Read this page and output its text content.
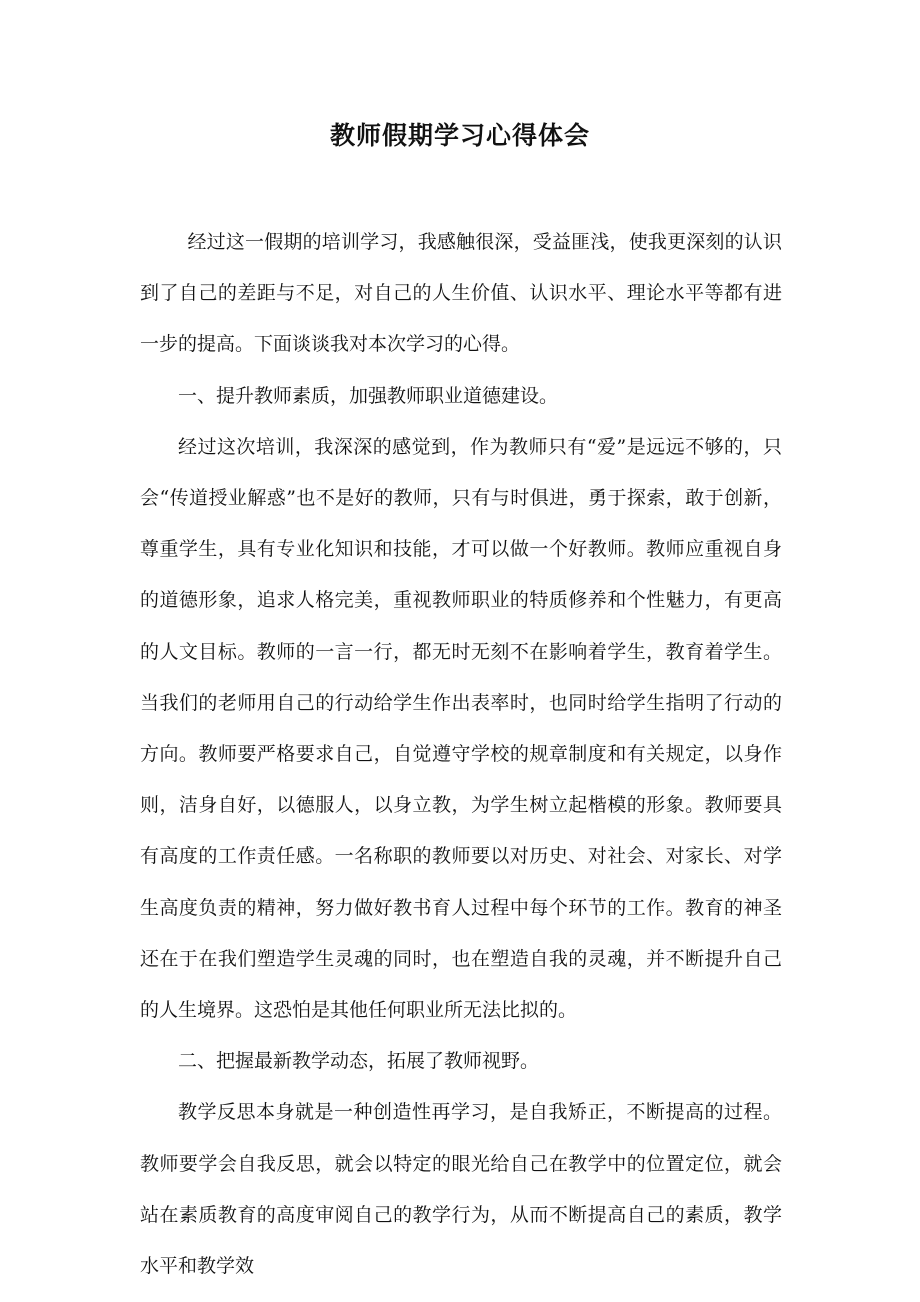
教师假期学习心得体会

经过这一假期的培训学习，我感触很深，受益匪浅，使我更深刻的认识到了自己的差距与不足，对自己的人生价值、认识水平、理论水平等都有进一步的提高。下面谈谈我对本次学习的心得。

一、提升教师素质，加强教师职业道德建设。

经过这次培训，我深深的感觉到，作为教师只有“爱”是远远不够的，只会“传道授业解惑”也不是好的教师，只有与时俱进，勇于探索，敢于创新，尊重学生，具有专业化知识和技能，才可以做一个好教师。教师应重视自身的道德形象，追求人格完美，重视教师职业的特质修养和个性魅力，有更高的人文目标。教师的一言一行，都无时无刻不在影响着学生，教育着学生。当我们的老师用自己的行动给学生作出表率时，也同时给学生指明了行动的方向。教师要严格要求自己，自觉遵守学校的规章制度和有关规定，以身作则，洁身自好，以德服人，以身立教，为学生树立起楷模的形象。教师要具有高度的工作责任感。一名称职的教师要以对历史、对社会、对家长、对学生高度负责的精神，努力做好教书育人过程中每个环节的工作。教育的神圣还在于在我们塑造学生灵魂的同时，也在塑造自我的灵魂，并不断提升自己的人生境界。这恐怕是其他任何职业所无法比拟的。

二、把握最新教学动态，拓展了教师视野。

教学反思本身就是一种创造性再学习，是自我矫正，不断提高的过程。教师要学会自我反思，就会以特定的眼光给自己在教学中的位置定位，就会站在素质教育的高度审阅自己的教学行为，从而不断提高自己的素质，教学水平和教学效
